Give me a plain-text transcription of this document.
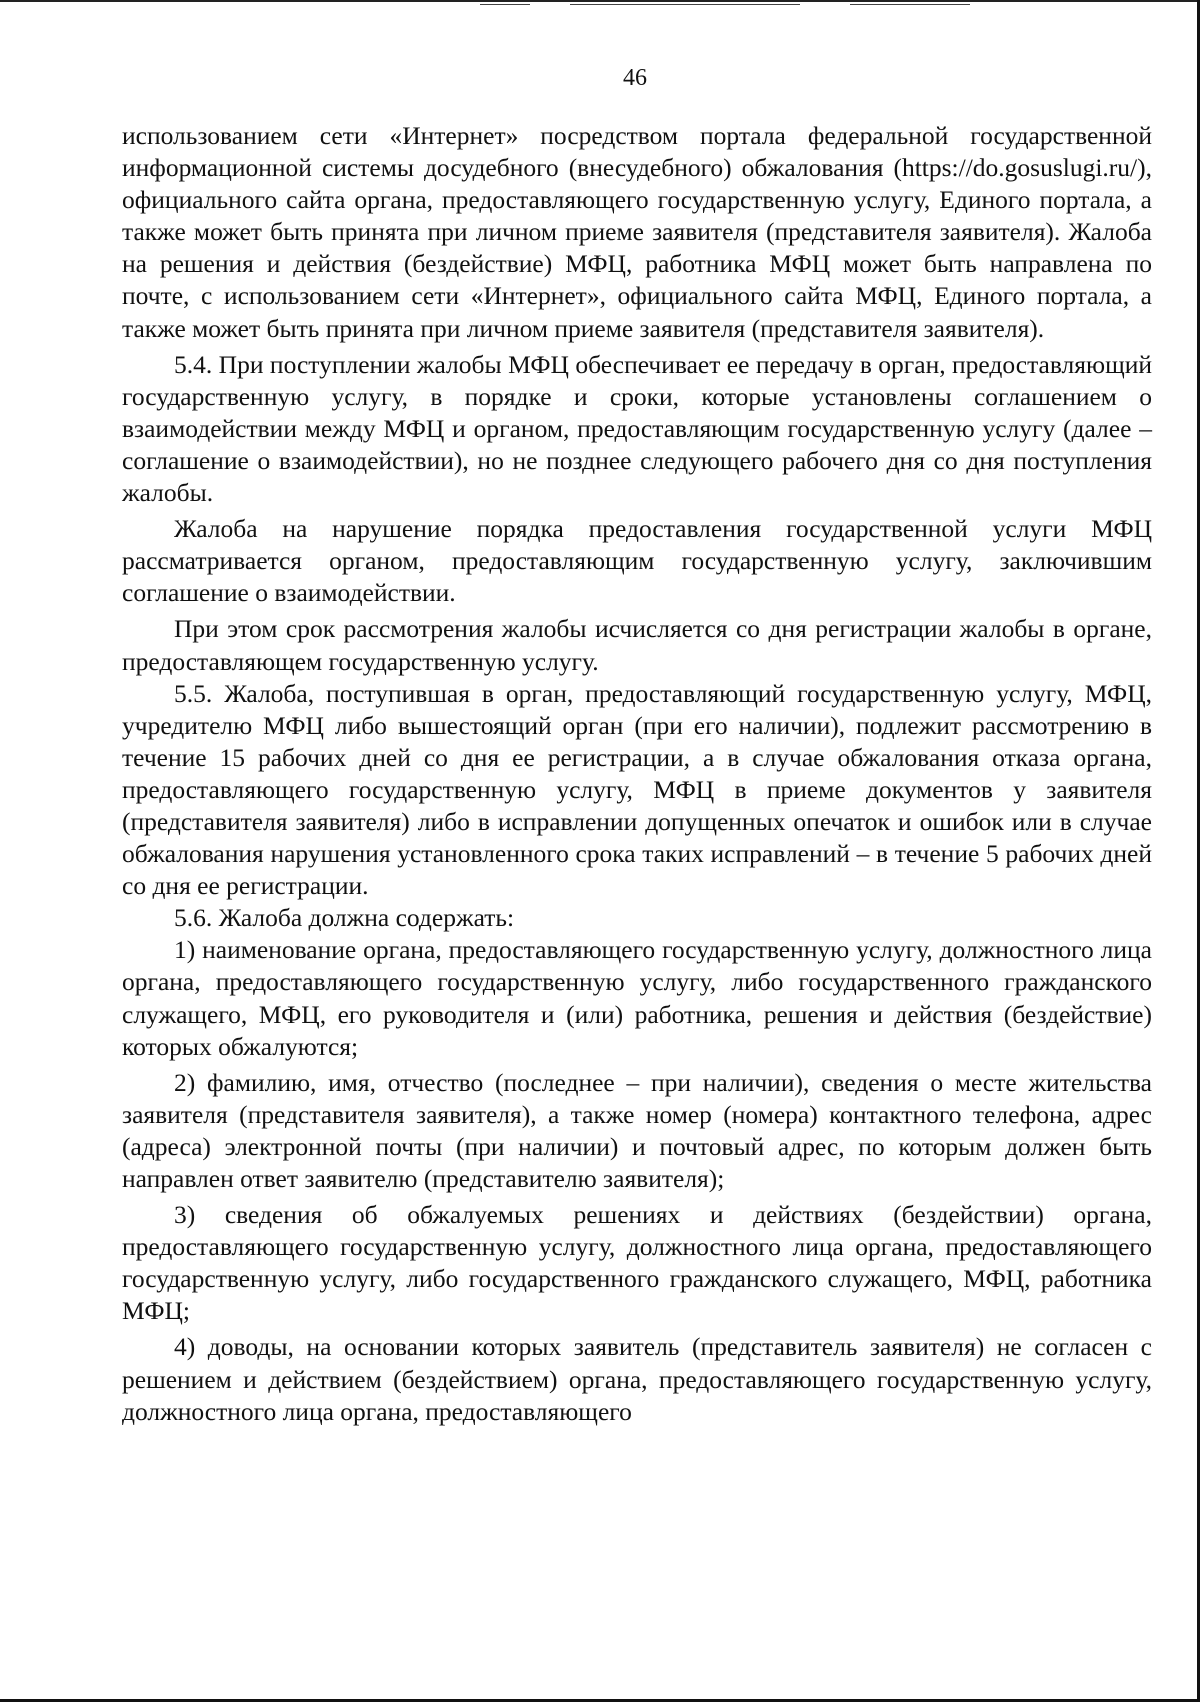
46

использованием сети «Интернет» посредством портала федеральной государственной информационной системы досудебного (внесудебного) обжалования (https://do.gosuslugi.ru/), официального сайта органа, предоставляющего государственную услугу, Единого портала, а также может быть принята при личном приеме заявителя (представителя заявителя). Жалоба на решения и действия (бездействие) МФЦ, работника МФЦ может быть направлена по почте, с использованием сети «Интернет», официального сайта МФЦ, Единого портала, а также может быть принята при личном приеме заявителя (представителя заявителя).

5.4. При поступлении жалобы МФЦ обеспечивает ее передачу в орган, предоставляющий государственную услугу, в порядке и сроки, которые установлены соглашением о взаимодействии между МФЦ и органом, предоставляющим государственную услугу (далее – соглашение о взаимодействии), но не позднее следующего рабочего дня со дня поступления жалобы.

Жалоба на нарушение порядка предоставления государственной услуги МФЦ рассматривается органом, предоставляющим государственную услугу, заключившим соглашение о взаимодействии.

При этом срок рассмотрения жалобы исчисляется со дня регистрации жалобы в органе, предоставляющем государственную услугу.

5.5. Жалоба, поступившая в орган, предоставляющий государственную услугу, МФЦ, учредителю МФЦ либо вышестоящий орган (при его наличии), подлежит рассмотрению в течение 15 рабочих дней со дня ее регистрации, а в случае обжалования отказа органа, предоставляющего государственную услугу, МФЦ в приеме документов у заявителя (представителя заявителя) либо в исправлении допущенных опечаток и ошибок или в случае обжалования нарушения установленного срока таких исправлений – в течение 5 рабочих дней со дня ее регистрации.

5.6. Жалоба должна содержать:

1) наименование органа, предоставляющего государственную услугу, должностного лица органа, предоставляющего государственную услугу, либо государственного гражданского служащего, МФЦ, его руководителя и (или) работника, решения и действия (бездействие) которых обжалуются;

2) фамилию, имя, отчество (последнее – при наличии), сведения о месте жительства заявителя (представителя заявителя), а также номер (номера) контактного телефона, адрес (адреса) электронной почты (при наличии) и почтовый адрес, по которым должен быть направлен ответ заявителю (представителю заявителя);

3) сведения об обжалуемых решениях и действиях (бездействии) органа, предоставляющего государственную услугу, должностного лица органа, предоставляющего государственную услугу, либо государственного гражданского служащего, МФЦ, работника МФЦ;

4) доводы, на основании которых заявитель (представитель заявителя) не согласен с решением и действием (бездействием) органа, предоставляющего государственную услугу, должностного лица органа, предоставляющего
